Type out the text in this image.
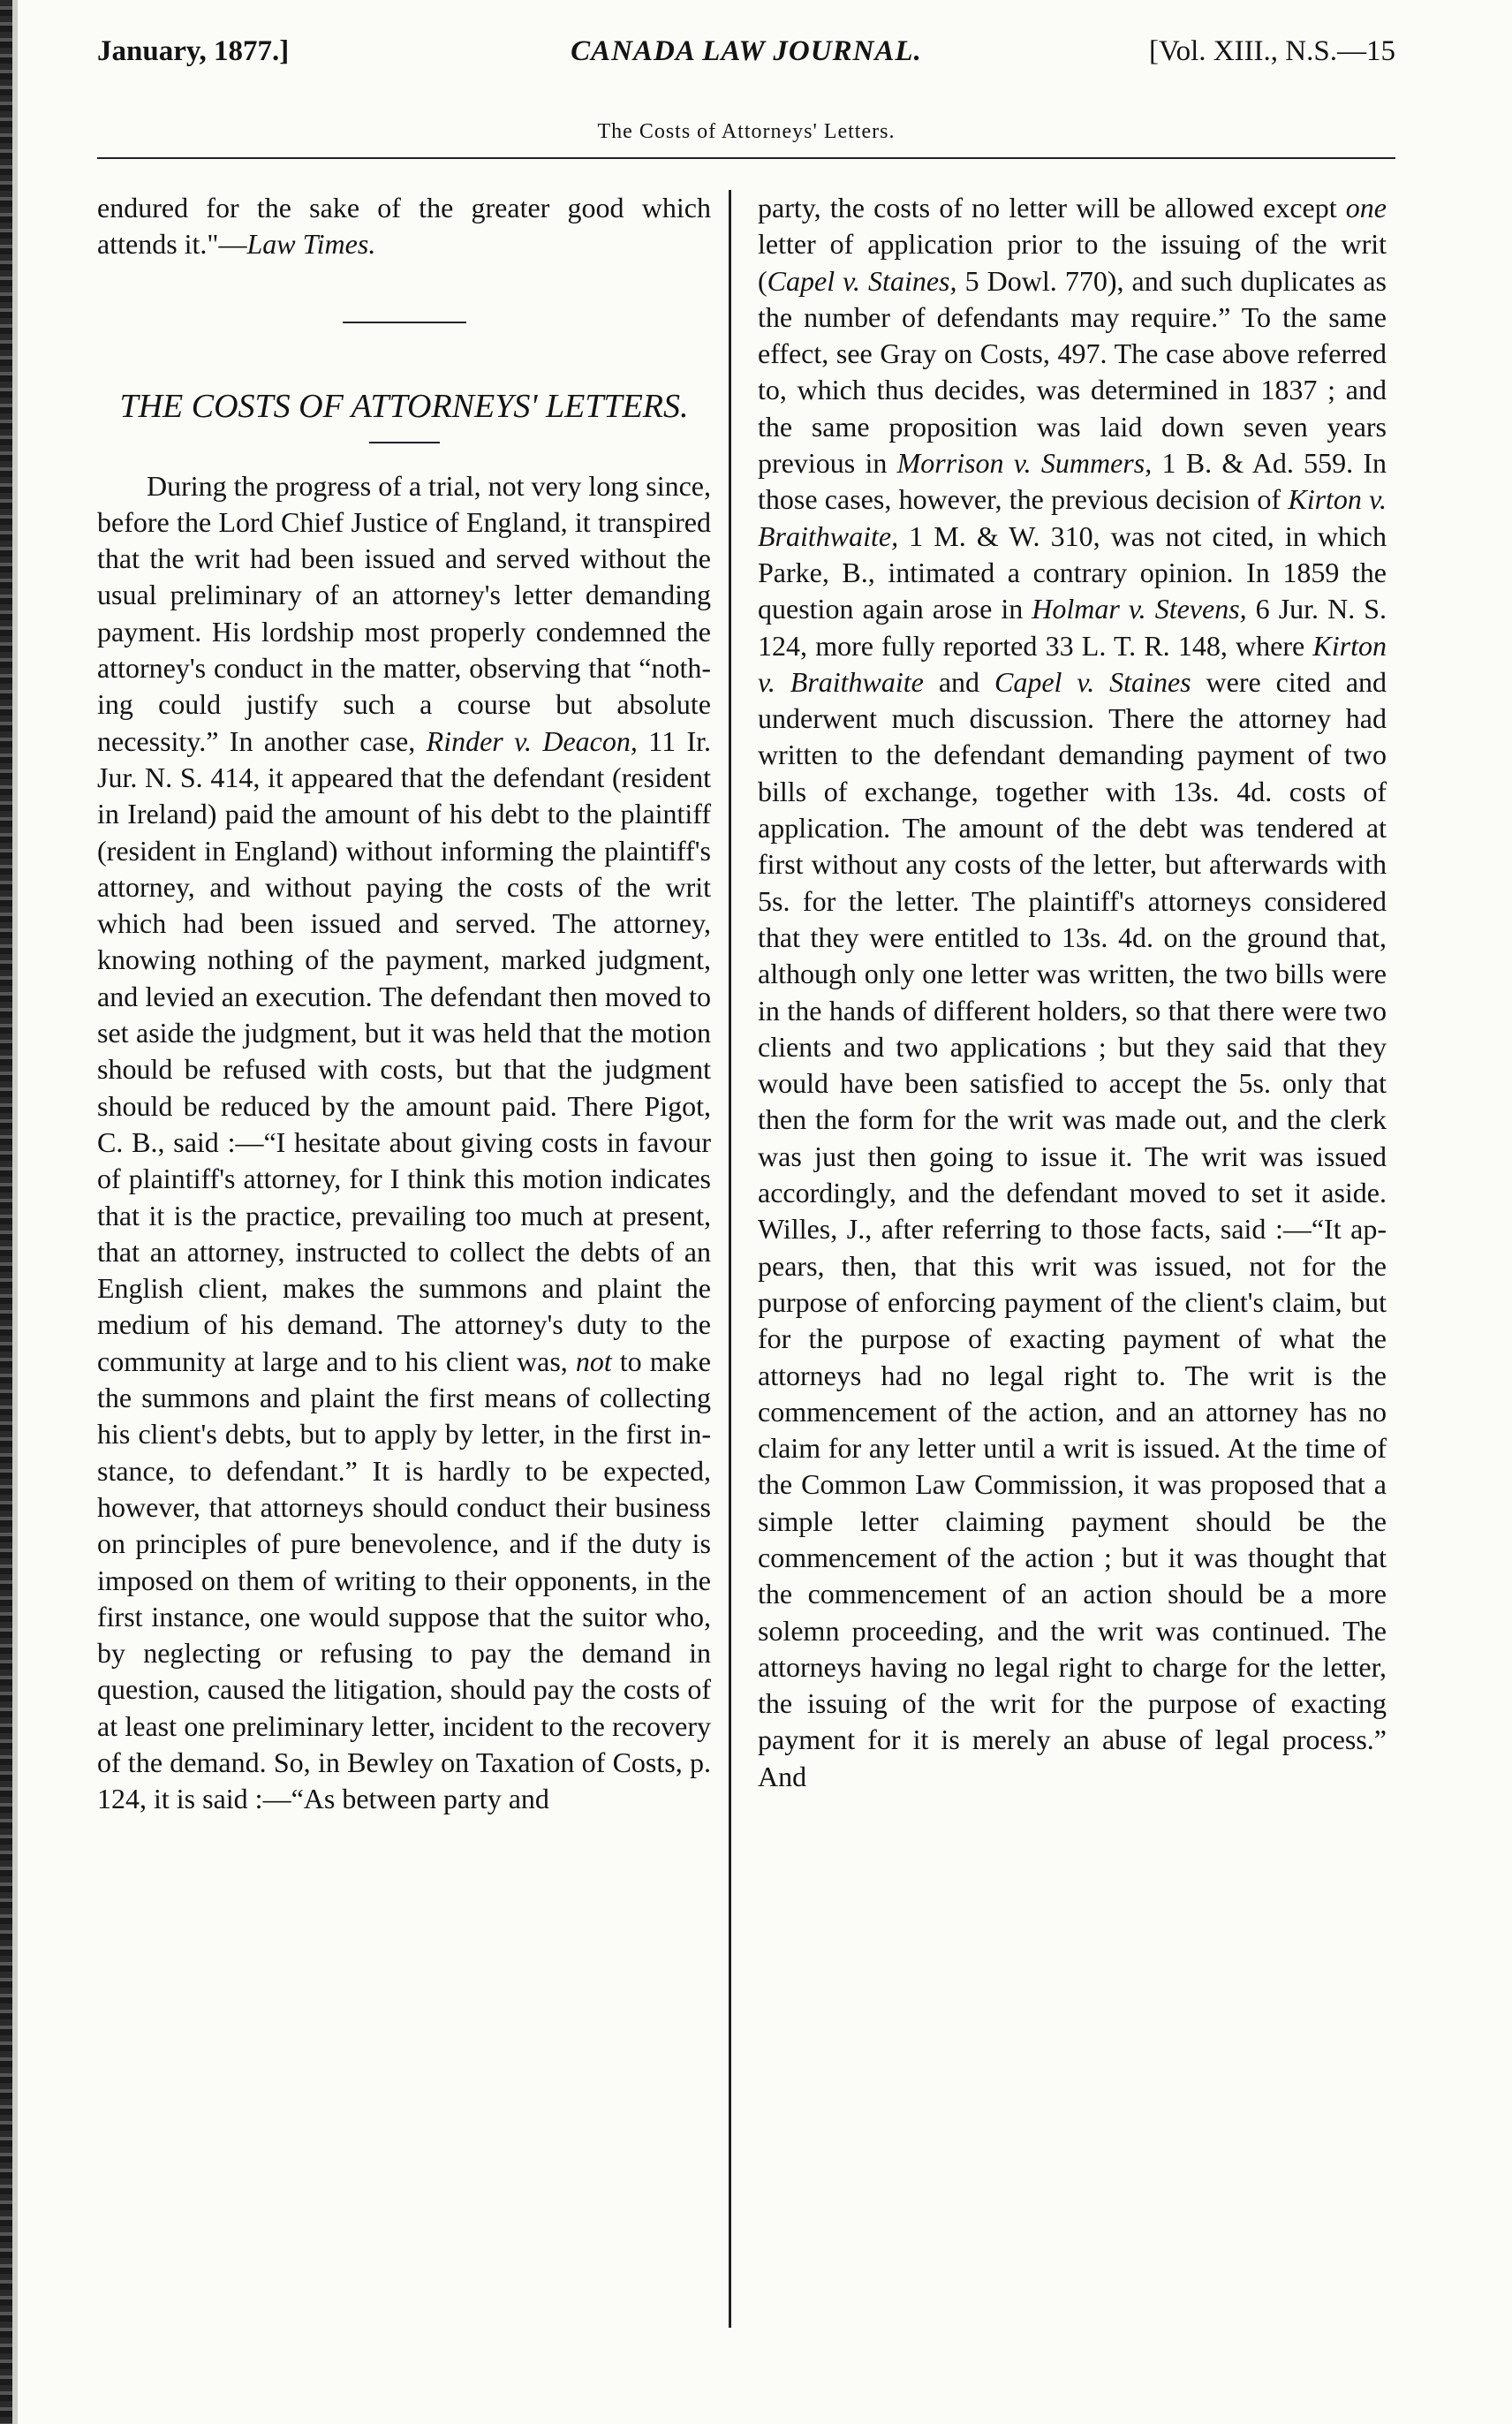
January, 1877.]	CANADA LAW JOURNAL.	[Vol. XIII., N.S.—15
The Costs of Attorneys' Letters.

endured for the sake of the greater good which attends it."—Law Times.

THE COSTS OF ATTORNEYS' LETTERS.

During the progress of a trial, not very long since, before the Lord Chief Justice of England, it transpired that the writ had been issued and served without the usual preliminary of an attorney's letter demanding payment. His lordship most properly condemned the attorney's conduct in the matter, observing that “nothing could justify such a course but absolute necessity.” In another case, Rinder v. Deacon, 11 Ir. Jur. N. S. 414, it appeared that the defendant (resident in Ireland) paid the amount of his debt to the plaintiff (resident in England) without informing the plaintiff's attorney, and without paying the costs of the writ which had been issued and served. The attorney, knowing nothing of the payment, marked judgment, and levied an execution. The defendant then moved to set aside the judgment, but it was held that the motion should be refused with costs, but that the judgment should be reduced by the amount paid. There Pigot, C. B., said :—“I hesitate about giving costs in favour of plaintiff's attorney, for I think this motion indicates that it is the practice, prevailing too much at present, that an attorney, instructed to collect the debts of an English client, makes the summons and plaint the medium of his demand. The attorney's duty to the community at large and to his client was, not to make the summons and plaint the first means of collecting his client's debts, but to apply by letter, in the first instance, to defendant.” It is hardly to be expected, however, that attorneys should conduct their business on principles of pure benevolence, and if the duty is imposed on them of writing to their opponents, in the first instance, one would suppose that the suitor who, by neglecting or refusing to pay the demand in question, caused the litigation, should pay the costs of at least one preliminary letter, incident to the recovery of the demand. So, in Bewley on Taxation of Costs, p. 124, it is said :—“As between party and

party, the costs of no letter will be allowed except one letter of application prior to the issuing of the writ (Capel v. Staines, 5 Dowl. 770), and such duplicates as the number of defendants may require.” To the same effect, see Gray on Costs, 497. The case above referred to, which thus decides, was determined in 1837 ; and the same proposition was laid down seven years previous in Morrison v. Summers, 1 B. & Ad. 559. In those cases, however, the previous decision of Kirton v. Braithwaite, 1 M. & W. 310, was not cited, in which Parke, B., intimated a contrary opinion. In 1859 the question again arose in Holmar v. Stevens, 6 Jur. N. S. 124, more fully reported 33 L. T. R. 148, where Kirton v. Braithwaite and Capel v. Staines were cited and underwent much discussion. There the attorney had written to the defendant demanding payment of two bills of exchange, together with 13s. 4d. costs of application. The amount of the debt was tendered at first without any costs of the letter, but afterwards with 5s. for the letter. The plaintiff's attorneys considered that they were entitled to 13s. 4d. on the ground that, although only one letter was written, the two bills were in the hands of different holders, so that there were two clients and two applications ; but they said that they would have been satisfied to accept the 5s. only that then the form for the writ was made out, and the clerk was just then going to issue it. The writ was issued accordingly, and the defendant moved to set it aside. Willes, J., after referring to those facts, said :—“It appears, then, that this writ was issued, not for the purpose of enforcing payment of the client's claim, but for the purpose of exacting payment of what the attorneys had no legal right to. The writ is the commencement of the action, and an attorney has no claim for any letter until a writ is issued. At the time of the Common Law Commission, it was proposed that a simple letter claiming payment should be the commencement of the action ; but it was thought that the commencement of an action should be a more solemn proceeding, and the writ was continued. The attorneys having no legal right to charge for the letter, the issuing of the writ for the purpose of exacting payment for it is merely an abuse of legal process.” And
